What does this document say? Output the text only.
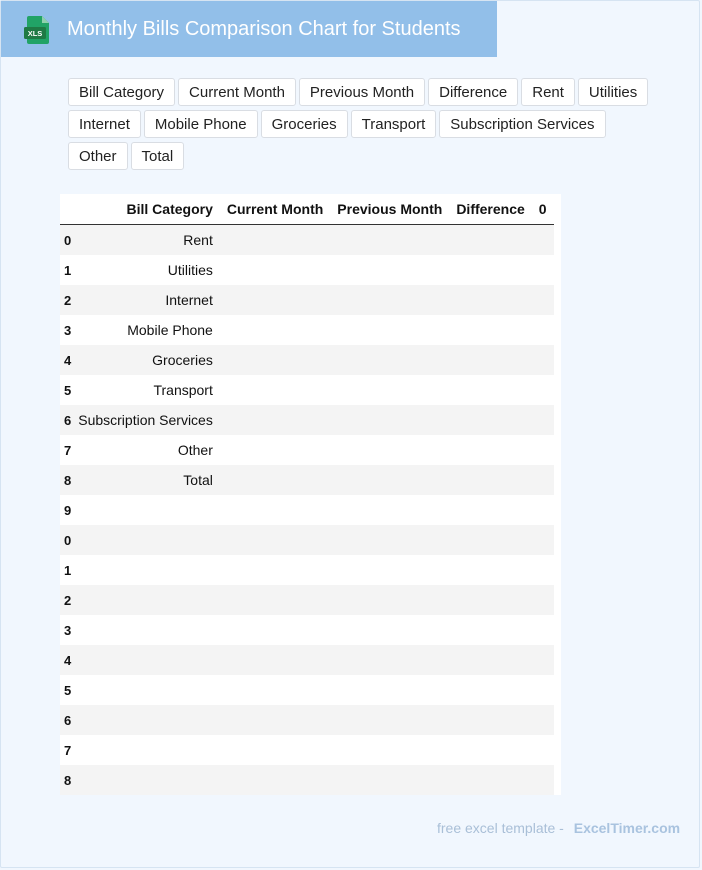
XLS Monthly Bills Comparison Chart for Students
Bill Category	Current Month	Previous Month	Difference	Rent	Utilities
Internet	Mobile Phone	Groceries	Transport	Subscription Services
Other	Total
	Bill Category	Current Month	Previous Month	Difference	0
0	Rent				
1	Utilities				
2	Internet				
3	Mobile Phone				
4	Groceries				
5	Transport				
6	Subscription Services				
7	Other				
8	Total				
9					
0					
1					
2					
3					
4					
5					
6					
7					
8					
free excel template - ExcelTimer.com
